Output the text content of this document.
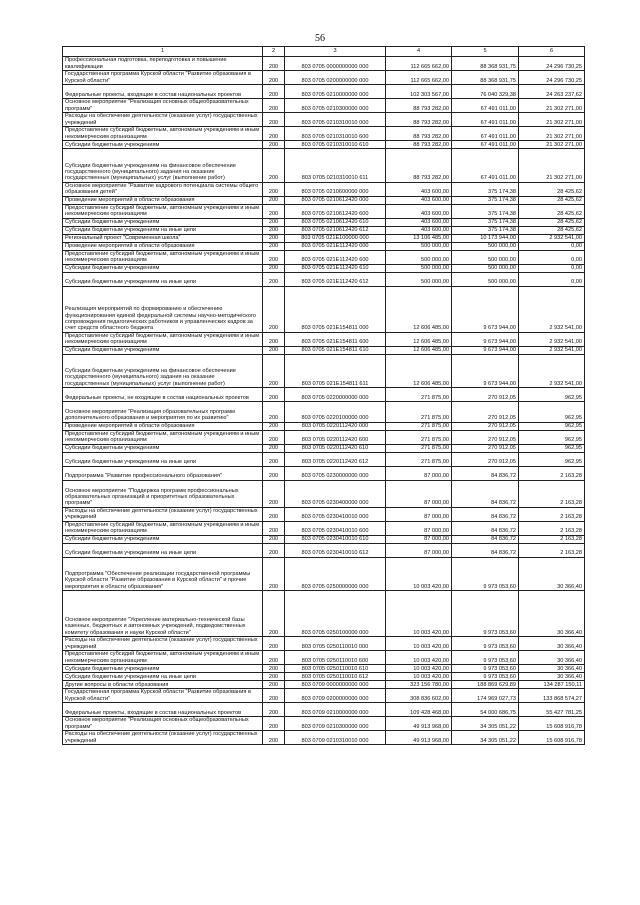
56
1	2	3	4	5	6
Профессиональная подготовка, переподготовка и повышение квалификации	200	803 0705 0000000000 000	112 665 662,00	88 368 931,75	24 296 730,25
Государственная программа Курской области "Развитие образования в Курской области"	200	803 0705 0200000000 000	112 665 662,00	88 368 931,75	24 296 730,25
Федеральные проекты, входящие в состав национальных проектов	200	803 0705 0210000000 000	102 303 567,00	76 040 329,38	24 263 237,62
Основное мероприятие "Реализация основных общеобразовательных программ"	200	803 0705 0210300000 000	88 793 282,00	67 491 011,00	21 302 271,00
Расходы на обеспечение деятельности (оказание услуг) государственных учреждений	200	803 0705 0210310010 000	88 793 282,00	67 491 011,00	21 302 271,00
Предоставление субсидий бюджетным, автономным учреждениям и иным некоммерческим организациям	200	803 0705 0210310010 600	88 793 282,00	67 491 011,00	21 302 271,00
Субсидии бюджетным учреждениям	200	803 0705 0210310010 610	88 793 282,00	67 491 011,00	21 302 271,00
Субсидии бюджетным учреждениям на финансовое обеспечение государственного (муниципального) задания на оказание государственных (муниципальных) услуг (выполнение работ)	200	803 0705 0210310010 611	88 793 282,00	67 491 011,00	21 302 271,00
Основное мероприятие "Развитие кадрового потенциала системы общего образования детей"	200	803 0705 0210600000 000	403 600,00	375 174,38	28 425,62
Проведение мероприятий в области образования	200	803 0705 0210612420 000	403 600,00	375 174,38	28 425,62
Предоставление субсидий бюджетным, автономным учреждениям и иным некоммерческим организациям	200	803 0705 0210612420 600	403 600,00	375 174,38	28 425,62
Субсидии бюджетным учреждениям	200	803 0705 0210612420 610	403 600,00	375 174,38	28 425,62
Субсидии бюджетным учреждениям на иные цели	200	803 0705 0210612420 612	403 600,00	375 174,38	28 425,62
Региональный проект "Современная школа"	200	803 0705 021E100000 000	13 106 485,00	10 173 944,00	2 932 541,00
Проведение мероприятий в области образования	200	803 0705 021E112420 000	500 000,00	500 000,00	0,00
Предоставление субсидий бюджетным, автономным учреждениям и иным некоммерческим организациям	200	803 0705 021E112420 600	500 000,00	500 000,00	0,00
Субсидии бюджетным учреждениям	200	803 0705 021E112420 610	500 000,00	500 000,00	0,00
Субсидии бюджетным учреждениям на иные цели	200	803 0705 021E112420 612	500 000,00	500 000,00	0,00
Реализация мероприятий по формированию и обеспечению функционирования единой федеральной системы научно-методического сопровождения педагогических работников и управленческих кадров за счет средств областного бюджета	200	803 0705 021E154811 000	12 606 485,00	9 673 944,00	2 932 541,00
Предоставление субсидий бюджетным, автономным учреждениям и иным некоммерческим организациям	200	803 0705 021E154811 600	12 606 485,00	9 673 944,00	2 932 541,00
Субсидии бюджетным учреждениям	200	803 0705 021E154811 610	12 606 485,00	9 673 944,00	2 932 541,00
Субсидии бюджетным учреждениям на финансовое обеспечение государственного (муниципального) задания на оказание государственных (муниципальных) услуг (выполнение работ)	200	803 0705 021E154811 611	12 606 485,00	9 673 944,00	2 932 541,00
Федеральные проекты, не входящие в состав национальных проектов	200	803 0705 0220000000 000	271 875,00	270 912,05	962,95
Основное мероприятие "Реализация образовательных программ дополнительного образования и мероприятия по их развитию"	200	803 0705 0220100000 000	271 875,00	270 912,05	962,95
Проведение мероприятий в области образования	200	803 0705 0220112420 000	271 875,00	270 912,05	962,95
Предоставление субсидий бюджетным, автономным учреждениям и иным некоммерческим организациям	200	803 0705 0220112420 600	271 875,00	270 912,05	962,95
Субсидии бюджетным учреждениям	200	803 0705 0220112420 610	271 875,00	270 912,05	962,95
Субсидии бюджетным учреждениям на иные цели	200	803 0705 0220112420 612	271 875,00	270 912,05	962,95
Подпрограмма "Развитие профессионального образования"	200	803 0705 0230000000 000	87 000,00	84 836,72	2 163,28
Основное мероприятие "Поддержка программ профессиональных образовательных организаций и приоритетных образовательных программ"	200	803 0705 0230400000 000	87 000,00	84 836,72	2 163,28
Расходы на обеспечение деятельности (оказание услуг) государственных учреждений	200	803 0705 0230410010 000	87 000,00	84 836,72	2 163,28
Предоставление субсидий бюджетным, автономным учреждениям и иным некоммерческим организациям	200	803 0705 0230410010 600	87 000,00	84 836,72	2 163,28
Субсидии бюджетным учреждениям	200	803 0705 0230410010 610	87 000,00	84 836,72	2 163,28
Субсидии бюджетным учреждениям на иные цели	200	803 0705 0230410010 612	87 000,00	84 836,72	2 163,28
Подпрограмма "Обеспечение реализации государственной программы Курской области "Развитие образования в Курской области" и прочие мероприятия в области образования"	200	803 0705 0250000000 000	10 003 420,00	9 973 053,60	30 366,40
Основное мероприятие "Укрепление материально-технической базы казенных, бюджетных и автономных учреждений, подведомственных комитету образования и науки Курской области"	200	803 0705 0250100000 000	10 003 420,00	9 973 053,60	30 366,40
Расходы на обеспечение деятельности (оказание услуг) государственных учреждений	200	803 0705 0250110010 000	10 003 420,00	9 973 053,60	30 366,40
Предоставление субсидий бюджетным, автономным учреждениям и иным некоммерческим организациям	200	803 0705 0250110010 600	10 003 420,00	9 973 053,60	30 366,40
Субсидии бюджетным учреждениям	200	803 0705 0250110010 610	10 003 420,00	9 973 053,60	30 366,40
Субсидии бюджетным учреждениям на иные цели	200	803 0705 0250110010 612	10 003 420,00	9 973 053,60	30 366,40
Другие вопросы в области образования	200	803 0709 0000000000 000	323 156 780,00	188 869 629,89	134 287 150,11
Государственная программа Курской области "Развитие образования в Курской области"	200	803 0709 0200000000 000	308 836 602,00	174 969 027,73	133 868 574,27
Федеральные проекты, входящие в состав национальных проектов	200	803 0709 0210000000 000	109 428 468,00	54 000 686,75	55 427 781,25
Основное мероприятие "Реализация основных общеобразовательных программ"	200	803 0709 0210300000 000	49 913 968,00	34 305 051,22	15 608 916,78
Расходы на обеспечение деятельности (оказание услуг) государственных учреждений	200	803 0709 0210310010 000	49 913 968,00	34 305 051,22	15 608 916,78
